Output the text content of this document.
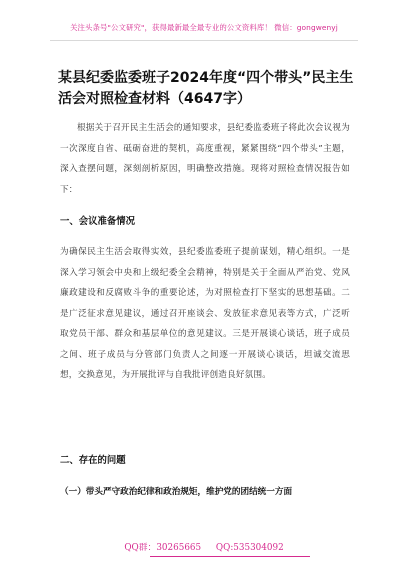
关注头条号"公文研究"，获得最新最全最专业的公文资料库！ 微信：gongwenyj
某县纪委监委班子2024年度“四个带头”民主生活会对照检查材料（4647字）
根据关于召开民主生活会的通知要求，县纪委监委班子将此次会议视为一次深度自省、砥砺奋进的契机，高度重视，紧紧围绕“四个带头”主题，深入查摆问题，深刻剖析原因，明确整改措施。现将对照检查情况报告如下：
一、会议准备情况
为确保民主生活会取得实效，县纪委监委班子提前谋划，精心组织。一是深入学习领会中央和上级纪委全会精神，特别是关于全面从严治党、党风廉政建设和反腐败斗争的重要论述，为对照检查打下坚实的思想基础。二是广泛征求意见建议，通过召开座谈会、发放征求意见表等方式，广泛听取党员干部、群众和基层单位的意见建议。三是开展谈心谈话，班子成员之间、班子成员与分管部门负责人之间逐一开展谈心谈话，坦诚交流思想，交换意见，为开展批评与自我批评创造良好氛围。
二、存在的问题
（一）带头严守政治纪律和政治规矩，维护党的团结统一方面
QQ群：30265665 QQ:535304092
